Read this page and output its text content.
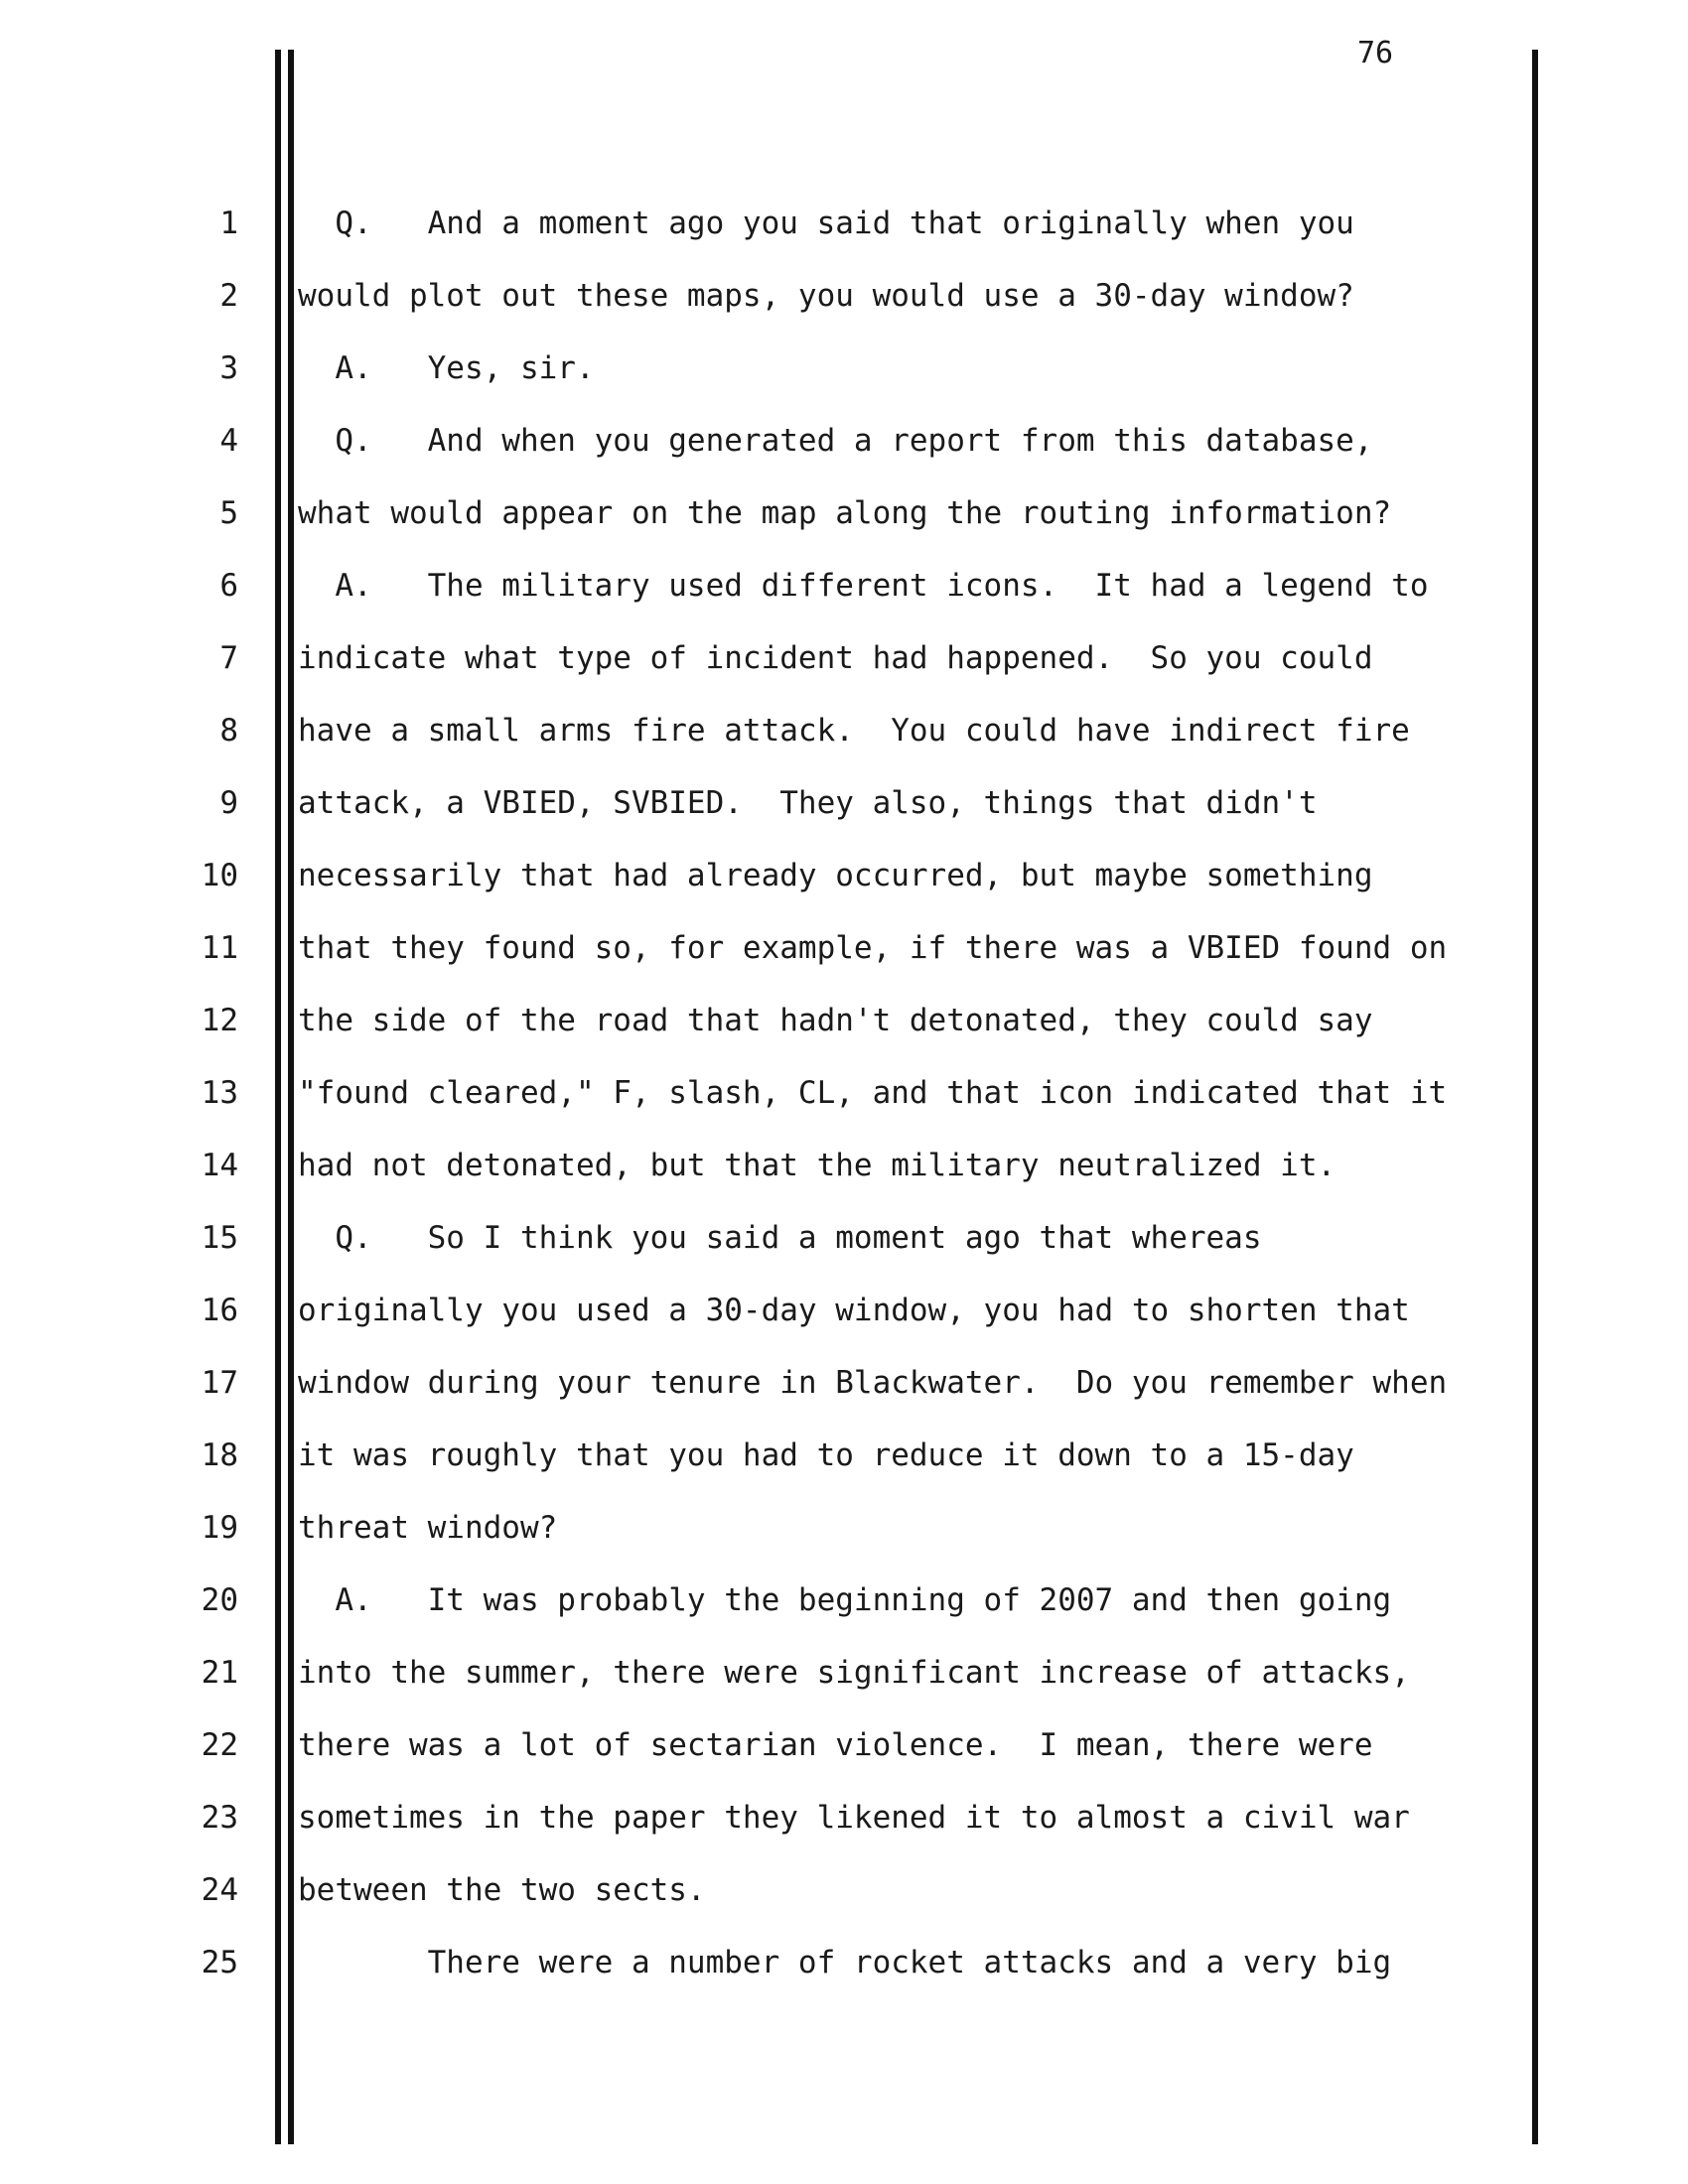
76
1
2
3
4
5
6
7
8
9
10
11
12
13
14
15
16
17
18
19
20
21
22
23
24
25
Q.   And a moment ago you said that originally when you
would plot out these maps, you would use a 30-day window?
A.   Yes, sir.
Q.   And when you generated a report from this database,
what would appear on the map along the routing information?
A.   The military used different icons.  It had a legend to
indicate what type of incident had happened.  So you could
have a small arms fire attack.  You could have indirect fire
attack, a VBIED, SVBIED.  They also, things that didn't
necessarily that had already occurred, but maybe something
that they found so, for example, if there was a VBIED found on
the side of the road that hadn't detonated, they could say
"found cleared," F, slash, CL, and that icon indicated that it
had not detonated, but that the military neutralized it.
Q.   So I think you said a moment ago that whereas
originally you used a 30-day window, you had to shorten that
window during your tenure in Blackwater.  Do you remember when
it was roughly that you had to reduce it down to a 15-day
threat window?
A.   It was probably the beginning of 2007 and then going
into the summer, there were significant increase of attacks,
there was a lot of sectarian violence.  I mean, there were
sometimes in the paper they likened it to almost a civil war
between the two sects.
There were a number of rocket attacks and a very big
